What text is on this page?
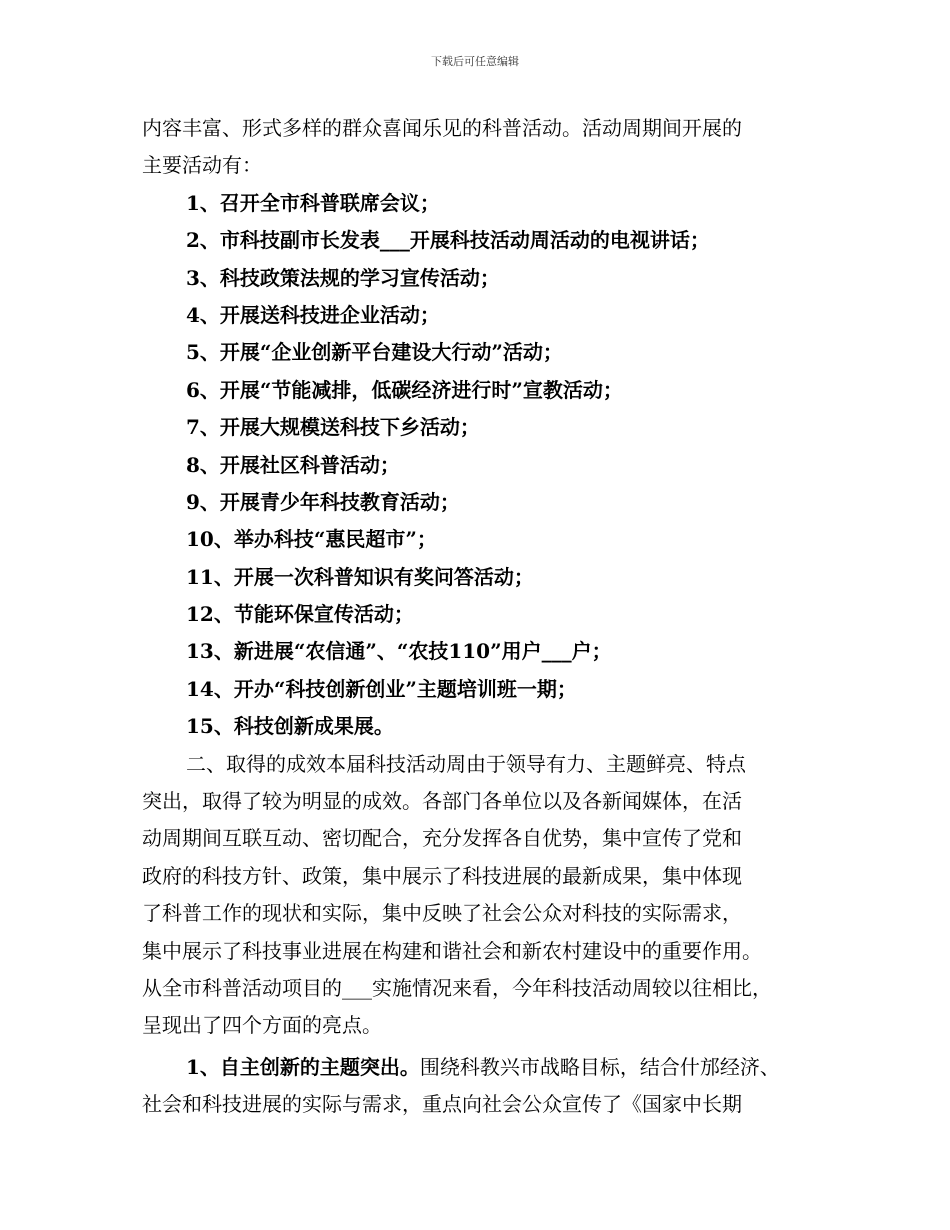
下载后可任意编辑
内容丰富、形式多样的群众喜闻乐见的科普活动。活动周期间开展的
主要活动有：
1、召开全市科普联席会议；
2、市科技副市长发表___开展科技活动周活动的电视讲话；
3、科技政策法规的学习宣传活动；
4、开展送科技进企业活动；
5、开展“企业创新平台建设大行动”活动；
6、开展“节能减排，低碳经济进行时”宣教活动；
7、开展大规模送科技下乡活动；
8、开展社区科普活动；
9、开展青少年科技教育活动；
10、举办科技“惠民超市”；
11、开展一次科普知识有奖问答活动；
12、节能环保宣传活动；
13、新进展“农信通”、“农技110”用户___户；
14、开办“科技创新创业”主题培训班一期；
15、科技创新成果展。
二、取得的成效本届科技活动周由于领导有力、主题鲜亮、特点
突出，取得了较为明显的成效。各部门各单位以及各新闻媒体，在活
动周期间互联互动、密切配合，充分发挥各自优势，集中宣传了党和
政府的科技方针、政策，集中展示了科技进展的最新成果，集中体现
了科普工作的现状和实际，集中反映了社会公众对科技的实际需求，
集中展示了科技事业进展在构建和谐社会和新农村建设中的重要作用。
从全市科普活动项目的___实施情况来看，今年科技活动周较以往相比，
呈现出了四个方面的亮点。
1、自主创新的主题突出。围绕科教兴市战略目标，结合什邡经济、
社会和科技进展的实际与需求，重点向社会公众宣传了《国家中长期
